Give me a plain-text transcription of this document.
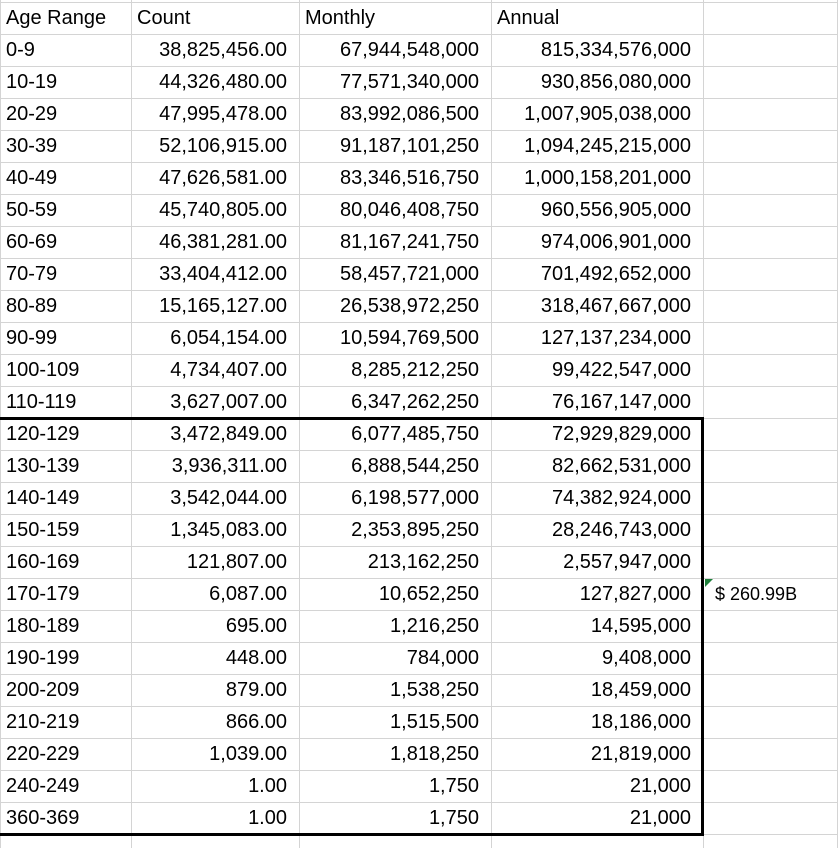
Age Range	Count	Monthly	Annual
0-9	38,825,456.00	67,944,548,000	815,334,576,000
10-19	44,326,480.00	77,571,340,000	930,856,080,000
20-29	47,995,478.00	83,992,086,500	1,007,905,038,000
30-39	52,106,915.00	91,187,101,250	1,094,245,215,000
40-49	47,626,581.00	83,346,516,750	1,000,158,201,000
50-59	45,740,805.00	80,046,408,750	960,556,905,000
60-69	46,381,281.00	81,167,241,750	974,006,901,000
70-79	33,404,412.00	58,457,721,000	701,492,652,000
80-89	15,165,127.00	26,538,972,250	318,467,667,000
90-99	6,054,154.00	10,594,769,500	127,137,234,000
100-109	4,734,407.00	8,285,212,250	99,422,547,000
110-119	3,627,007.00	6,347,262,250	76,167,147,000
120-129	3,472,849.00	6,077,485,750	72,929,829,000
130-139	3,936,311.00	6,888,544,250	82,662,531,000
140-149	3,542,044.00	6,198,577,000	74,382,924,000
150-159	1,345,083.00	2,353,895,250	28,246,743,000
160-169	121,807.00	213,162,250	2,557,947,000
170-179	6,087.00	10,652,250	127,827,000
180-189	695.00	1,216,250	14,595,000
190-199	448.00	784,000	9,408,000
200-209	879.00	1,538,250	18,459,000
210-219	866.00	1,515,500	18,186,000
220-229	1,039.00	1,818,250	21,819,000
240-249	1.00	1,750	21,000
360-369	1.00	1,750	21,000
$ 260.99B
